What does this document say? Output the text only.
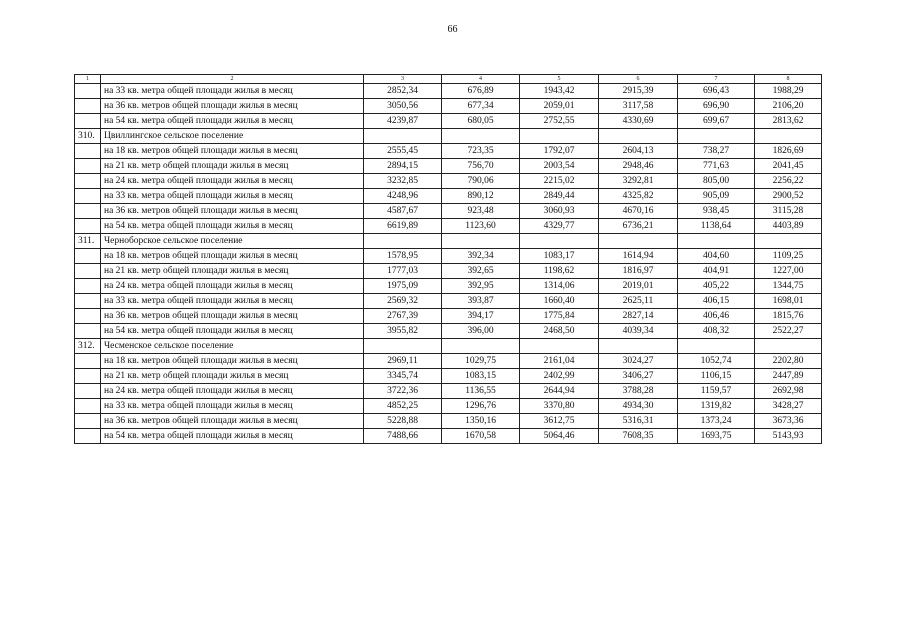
66
1	2	3	4	5	6	7	8
	на 33 кв. метра общей площади жилья в месяц	2852,34	676,89	1943,42	2915,39	696,43	1988,29
	на 36 кв. метров общей площади жилья в месяц	3050,56	677,34	2059,01	3117,58	696,90	2106,20
	на 54 кв. метра общей площади жилья в месяц	4239,87	680,05	2752,55	4330,69	699,67	2813,62
310.	Цвиллингское сельское поселение						
	на 18 кв. метров общей площади жилья в месяц	2555,45	723,35	1792,07	2604,13	738,27	1826,69
	на 21 кв. метр общей площади жилья в месяц	2894,15	756,70	2003,54	2948,46	771,63	2041,45
	на 24 кв. метра общей площади жилья в месяц	3232,85	790,06	2215,02	3292,81	805,00	2256,22
	на 33 кв. метра общей площади жилья в месяц	4248,96	890,12	2849,44	4325,82	905,09	2900,52
	на 36 кв. метров общей площади жилья в месяц	4587,67	923,48	3060,93	4670,16	938,45	3115,28
	на 54 кв. метра общей площади жилья в месяц	6619,89	1123,60	4329,77	6736,21	1138,64	4403,89
311.	Черноборское сельское поселение						
	на 18 кв. метров общей площади жилья в месяц	1578,95	392,34	1083,17	1614,94	404,60	1109,25
	на 21 кв. метр общей площади жилья в месяц	1777,03	392,65	1198,62	1816,97	404,91	1227,00
	на 24 кв. метра общей площади жилья в месяц	1975,09	392,95	1314,06	2019,01	405,22	1344,75
	на 33 кв. метра общей площади жилья в месяц	2569,32	393,87	1660,40	2625,11	406,15	1698,01
	на 36 кв. метров общей площади жилья в месяц	2767,39	394,17	1775,84	2827,14	406,46	1815,76
	на 54 кв. метра общей площади жилья в месяц	3955,82	396,00	2468,50	4039,34	408,32	2522,27
312.	Чесменское сельское поселение						
	на 18 кв. метров общей площади жилья в месяц	2969,11	1029,75	2161,04	3024,27	1052,74	2202,80
	на 21 кв. метр общей площади жилья в месяц	3345,74	1083,15	2402,99	3406,27	1106,15	2447,89
	на 24 кв. метра общей площади жилья в месяц	3722,36	1136,55	2644,94	3788,28	1159,57	2692,98
	на 33 кв. метра общей площади жилья в месяц	4852,25	1296,76	3370,80	4934,30	1319,82	3428,27
	на 36 кв. метров общей площади жилья в месяц	5228,88	1350,16	3612,75	5316,31	1373,24	3673,36
	на 54 кв. метра общей площади жилья в месяц	7488,66	1670,58	5064,46	7608,35	1693,75	5143,93
